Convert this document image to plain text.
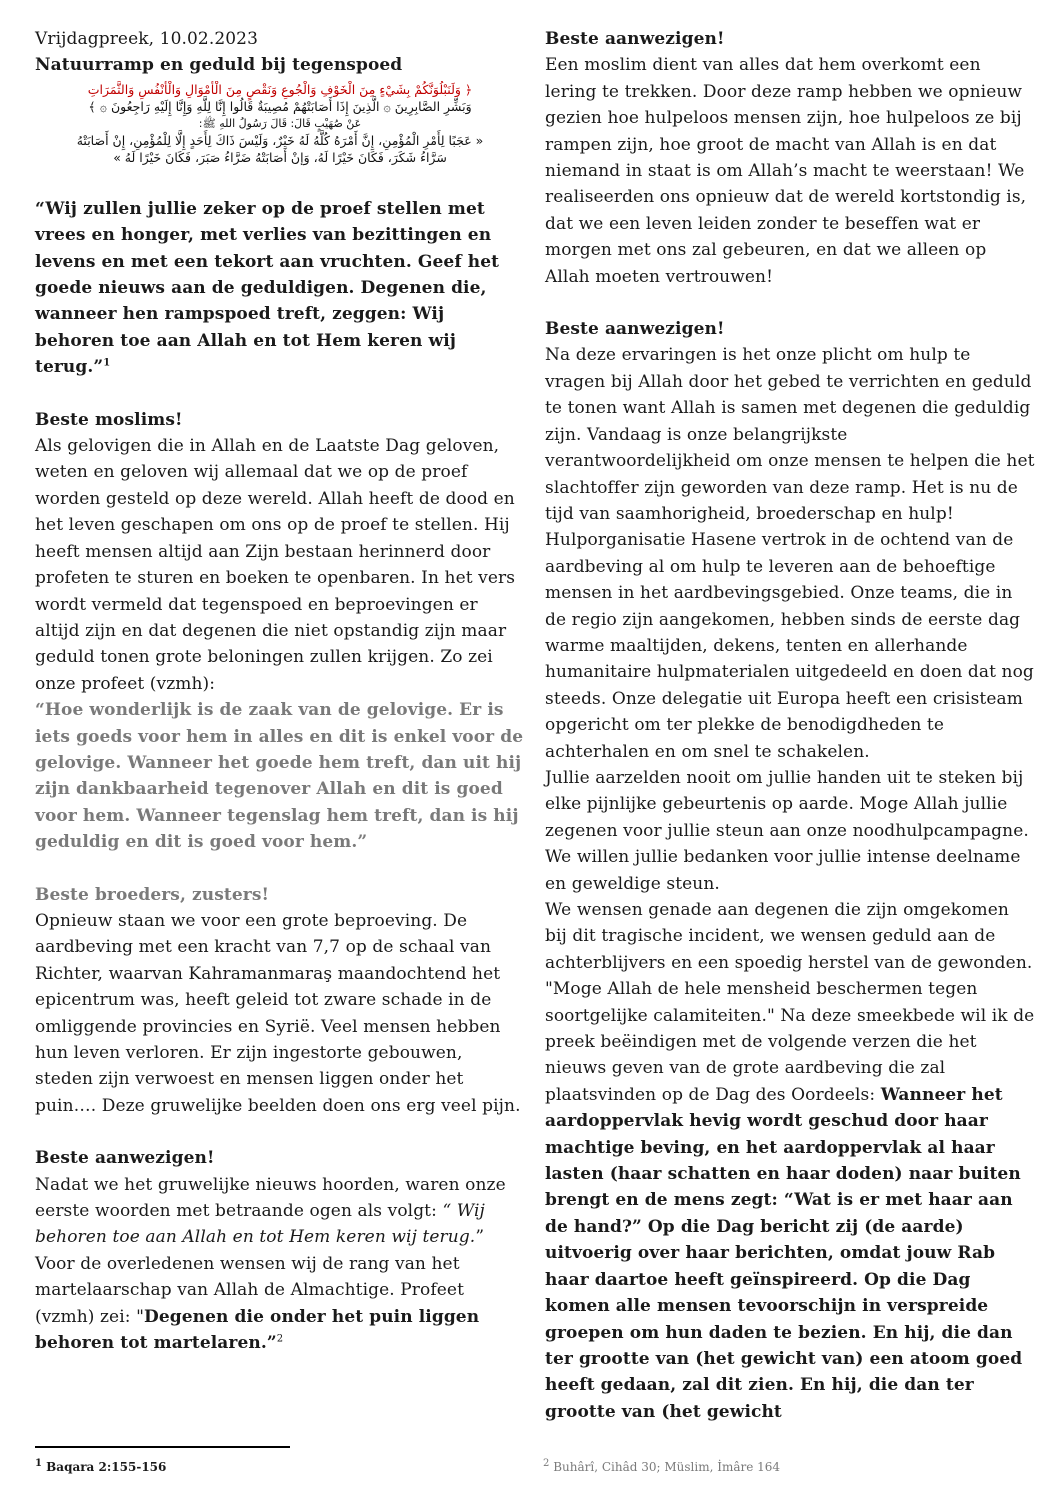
Vrijdagpreek, 10.02.2023

Natuurramp en geduld bij tegenspoed

﴿ وَلَنَبْلُوَنَّكُمْ بِشَيْءٍ مِنَ الْخَوْفِ وَالْجُوعِ وَنَقْصٍ مِنَ الْأَمْوَالِ وَالْأَنْفُسِ وَالثَّمَرَاتِ
وَبَشِّرِ الصَّابِرِينَ ۞ الَّذِينَ إِذَا أَصَابَتْهُمْ مُصِيبَةٌ قَالُوا إِنَّا لِلَّهِ وَإِنَّا إِلَيْهِ رَاجِعُونَ ۞ ﴾
عَنْ صُهَيْبٍ قَالَ: قَالَ رَسُولُ اللهِ ﷺ:
« عَجَبًا لِأَمْرِ الْمُؤْمِنِ، إِنَّ أَمْرَهُ كُلَّهُ لَهُ خَيْرٌ، وَلَيْسَ ذَاكَ لِأَحَدٍ إِلَّا لِلْمُؤْمِنِ، إِنْ أَصَابَتْهُ
سَرَّاءُ شَكَرَ، فَكَانَ خَيْرًا لَهُ، وَإِنْ أَصَابَتْهُ ضَرَّاءُ صَبَرَ، فَكَانَ خَيْرًا لَهُ »

“Wij zullen jullie zeker op de proef stellen met vrees en honger, met verlies van bezittingen en levens en met een tekort aan vruchten. Geef het goede nieuws aan de geduldigen. Degenen die, wanneer hen rampspoed treft, zeggen: Wij behoren toe aan Allah en tot Hem keren wij terug.”$^1$

Beste moslims!

Als gelovigen die in Allah en de Laatste Dag geloven, weten en geloven wij allemaal dat we op de proef worden gesteld op deze wereld. Allah heeft de dood en het leven geschapen om ons op de proef te stellen. Hij heeft mensen altijd aan Zijn bestaan herinnerd door profeten te sturen en boeken te openbaren. In het vers wordt vermeld dat tegenspoed en beproevingen er altijd zijn en dat degenen die niet opstandig zijn maar geduld tonen grote beloningen zullen krijgen. Zo zei onze profeet (vzmh):

“Hoe wonderlijk is de zaak van de gelovige. Er is iets goeds voor hem in alles en dit is enkel voor de gelovige. Wanneer het goede hem treft, dan uit hij zijn dankbaarheid tegenover Allah en dit is goed voor hem. Wanneer tegenslag hem treft, dan is hij geduldig en dit is goed voor hem.”

Beste broeders, zusters!

Opnieuw staan we voor een grote beproeving. De aardbeving met een kracht van 7,7 op de schaal van Richter, waarvan Kahramanmaraş maandochtend het epicentrum was, heeft geleid tot zware schade in de omliggende provincies en Syrië. Veel mensen hebben hun leven verloren. Er zijn ingestorte gebouwen, steden zijn verwoest en mensen liggen onder het puin…. Deze gruwelijke beelden doen ons erg veel pijn.

Beste aanwezigen!

Nadat we het gruwelijke nieuws hoorden, waren onze eerste woorden met betraande ogen als volgt: “ Wij behoren toe aan Allah en tot Hem keren wij terug.” Voor de overledenen wensen wij de rang van het martelaarschap van Allah de Almachtige. Profeet (vzmh) zei: "Degenen die onder het puin liggen behoren tot martelaren.”$^2$

Beste aanwezigen!

Een moslim dient van alles dat hem overkomt een lering te trekken. Door deze ramp hebben we opnieuw gezien hoe hulpeloos mensen zijn, hoe hulpeloos ze bij rampen zijn, hoe groot de macht van Allah is en dat niemand in staat is om Allah’s macht te weerstaan! We realiseerden ons opnieuw dat de wereld kortstondig is, dat we een leven leiden zonder te beseffen wat er morgen met ons zal gebeuren, en dat we alleen op Allah moeten vertrouwen!

Beste aanwezigen!

Na deze ervaringen is het onze plicht om hulp te vragen bij Allah door het gebed te verrichten en geduld te tonen want Allah is samen met degenen die geduldig zijn. Vandaag is onze belangrijkste verantwoordelijkheid om onze mensen te helpen die het slachtoffer zijn geworden van deze ramp. Het is nu de tijd van saamhorigheid, broederschap en hulp! Hulporganisatie Hasene vertrok in de ochtend van de aardbeving al om hulp te leveren aan de behoeftige mensen in het aardbevingsgebied. Onze teams, die in de regio zijn aangekomen, hebben sinds de eerste dag warme maaltijden, dekens, tenten en allerhande humanitaire hulpmaterialen uitgedeeld en doen dat nog steeds. Onze delegatie uit Europa heeft een crisisteam opgericht om ter plekke de benodigdheden te achterhalen en om snel te schakelen.

Jullie aarzelden nooit om jullie handen uit te steken bij elke pijnlijke gebeurtenis op aarde. Moge Allah jullie zegenen voor jullie steun aan onze noodhulpcampagne. We willen jullie bedanken voor jullie intense deelname en geweldige steun.

We wensen genade aan degenen die zijn omgekomen bij dit tragische incident, we wensen geduld aan de achterblijvers en een spoedig herstel van de gewonden. "Moge Allah de hele mensheid beschermen tegen soortgelijke calamiteiten." Na deze smeekbede wil ik de preek beëindigen met de volgende verzen die het nieuws geven van de grote aardbeving die zal plaatsvinden op de Dag des Oordeels: Wanneer het aardoppervlak hevig wordt geschud door haar machtige beving, en het aardoppervlak al haar lasten (haar schatten en haar doden) naar buiten brengt en de mens zegt: “Wat is er met haar aan de hand?” Op die Dag bericht zij (de aarde) uitvoerig over haar berichten, omdat jouw Rab haar daartoe heeft geïnspireerd. Op die Dag komen alle mensen tevoorschijn in verspreide groepen om hun daden te bezien. En hij, die dan ter grootte van (het gewicht van) een atoom goed heeft gedaan, zal dit zien. En hij, die dan ter grootte van (het gewicht

$^1$ Baqara 2:155-156	$^2$ Buhârî, Cihâd 30; Müslim, İmâre 164
